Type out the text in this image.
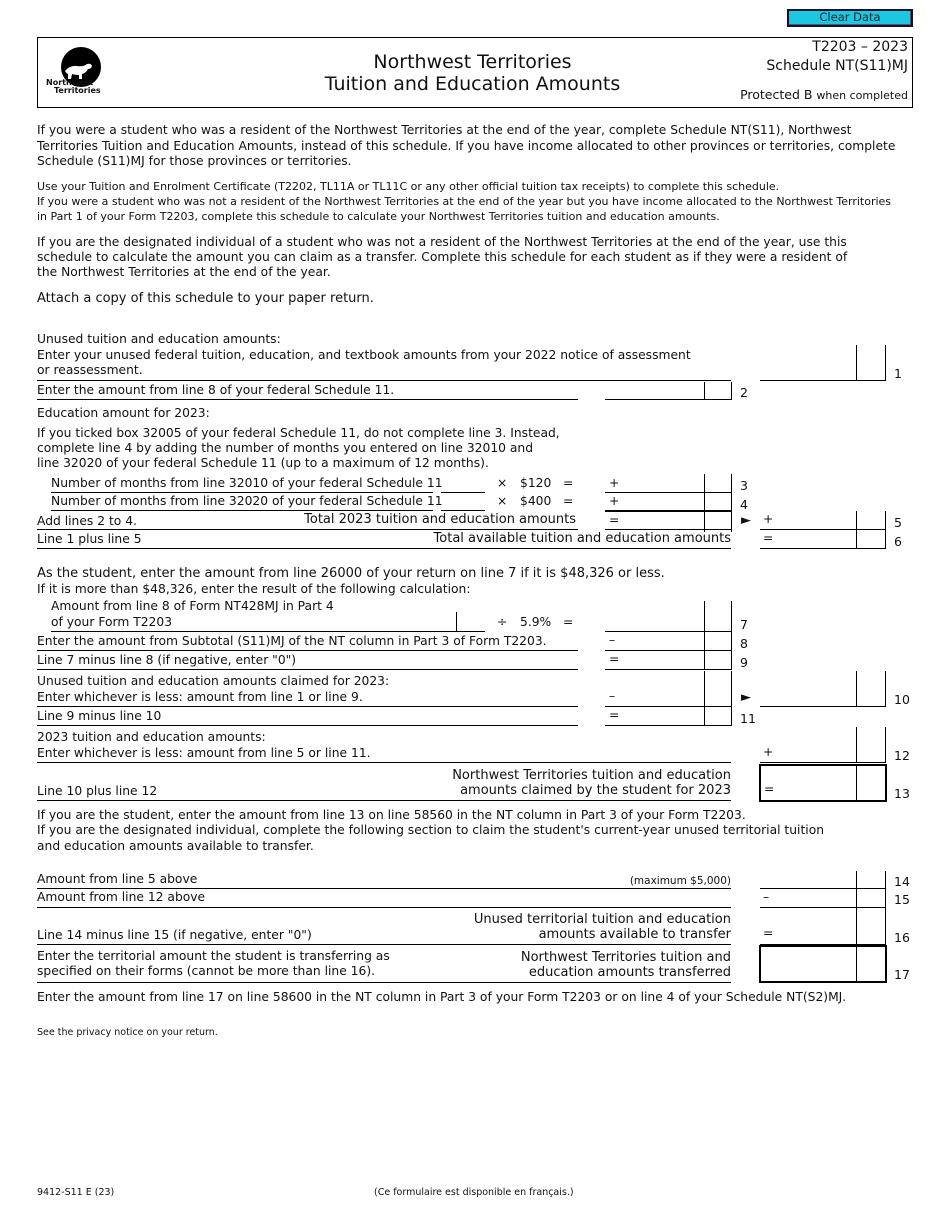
Clear Data
Northwest
Territories
Northwest Territories
Tuition and Education Amounts
T2203 – 2023
Schedule NT(S11)MJ
Protected B when completed
If you were a student who was a resident of the Northwest Territories at the end of the year, complete Schedule NT(S11), Northwest
Territories Tuition and Education Amounts, instead of this schedule. If you have income allocated to other provinces or territories, complete
Schedule (S11)MJ for those provinces or territories.
Use your Tuition and Enrolment Certificate (T2202, TL11A or TL11C or any other official tuition tax receipts) to complete this schedule.
If you were a student who was not a resident of the Northwest Territories at the end of the year but you have income allocated to the Northwest Territories
in Part 1 of your Form T2203, complete this schedule to calculate your Northwest Territories tuition and education amounts.
If you are the designated individual of a student who was not a resident of the Northwest Territories at the end of the year, use this
schedule to calculate the amount you can claim as a transfer. Complete this schedule for each student as if they were a resident of
the Northwest Territories at the end of the year.
Attach a copy of this schedule to your paper return.
Unused tuition and education amounts:
Enter your unused federal tuition, education, and textbook amounts from your 2022 notice of assessment
or reassessment.	1
Enter the amount from line 8 of your federal Schedule 11.	2
Education amount for 2023:
If you ticked box 32005 of your federal Schedule 11, do not complete line 3. Instead,
complete line 4 by adding the number of months you entered on line 32010 and
line 32020 of your federal Schedule 11 (up to a maximum of 12 months).
Number of months from line 32010 of your federal Schedule 11	× $120 =	+	3
Number of months from line 32020 of your federal Schedule 11	× $400 =	+	4
Add lines 2 to 4.	Total 2023 tuition and education amounts	=	► +	5
Line 1 plus line 5	Total available tuition and education amounts	=	6
As the student, enter the amount from line 26000 of your return on line 7 if it is $48,326 or less.
If it is more than $48,326, enter the result of the following calculation:
Amount from line 8 of Form NT428MJ in Part 4
of your Form T2203	÷ 5.9% =	7
Enter the amount from Subtotal (S11)MJ of the NT column in Part 3 of Form T2203.	–	8
Line 7 minus line 8 (if negative, enter "0")	=	9
Unused tuition and education amounts claimed for 2023:
Enter whichever is less: amount from line 1 or line 9.	–	►	10
Line 9 minus line 10	=	11
2023 tuition and education amounts:
Enter whichever is less: amount from line 5 or line 11.	+	12
Line 10 plus line 12
Northwest Territories tuition and education
amounts claimed by the student for 2023	=	13
If you are the student, enter the amount from line 13 on line 58560 in the NT column in Part 3 of your Form T2203.
If you are the designated individual, complete the following section to claim the student's current-year unused territorial tuition
and education amounts available to transfer.
Amount from line 5 above	(maximum $5,000)	14
Amount from line 12 above	–	15
Line 14 minus line 15 (if negative, enter "0")
Unused territorial tuition and education
amounts available to transfer	=	16
Enter the territorial amount the student is transferring as
specified on their forms (cannot be more than line 16).
Northwest Territories tuition and
education amounts transferred	17
Enter the amount from line 17 on line 58600 in the NT column in Part 3 of your Form T2203 or on line 4 of your Schedule NT(S2)MJ.
See the privacy notice on your return.
9412-S11 E (23)	(Ce formulaire est disponible en français.)
